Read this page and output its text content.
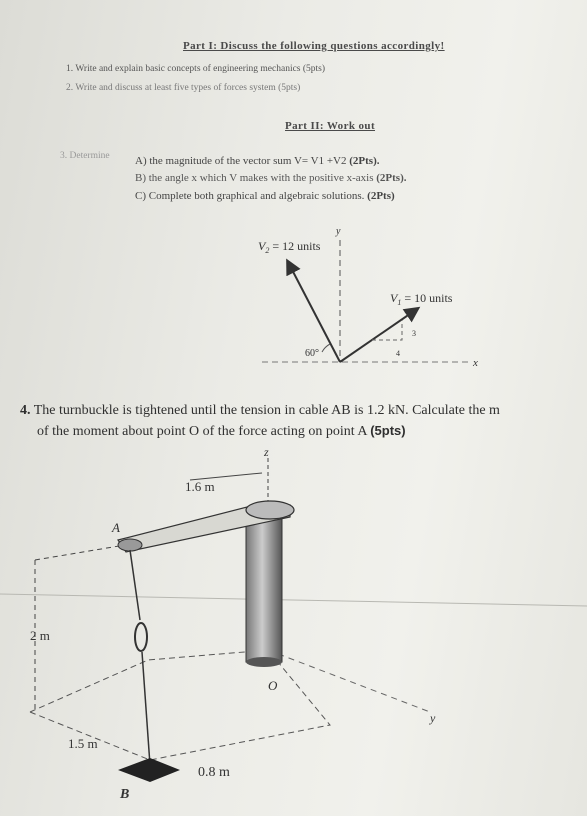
Part I: Discuss the following questions accordingly!
1. Write and explain basic concepts of engineering mechanics (5pts)
2. Write and discuss at least five types of forces system (5pts)
Part II: Work out
3. Determine A) the magnitude of the vector sum V= V1 +V2 (2Pts).
B) the angle x which V makes with the positive x-axis (2Pts).
C) Complete both graphical and algebraic solutions. (2Pts)
$V_2 = 12$ units
y
$V_1 = 10$ units
60°
3
4
x
4. The turnbuckle is tightened until the tension in cable AB is 1.2 kN. Calculate the m
of the moment about point O of the force acting on point A (5pts)
z
y
1.6 m
2 m
1.5 m
0.8 m
A
B
O
